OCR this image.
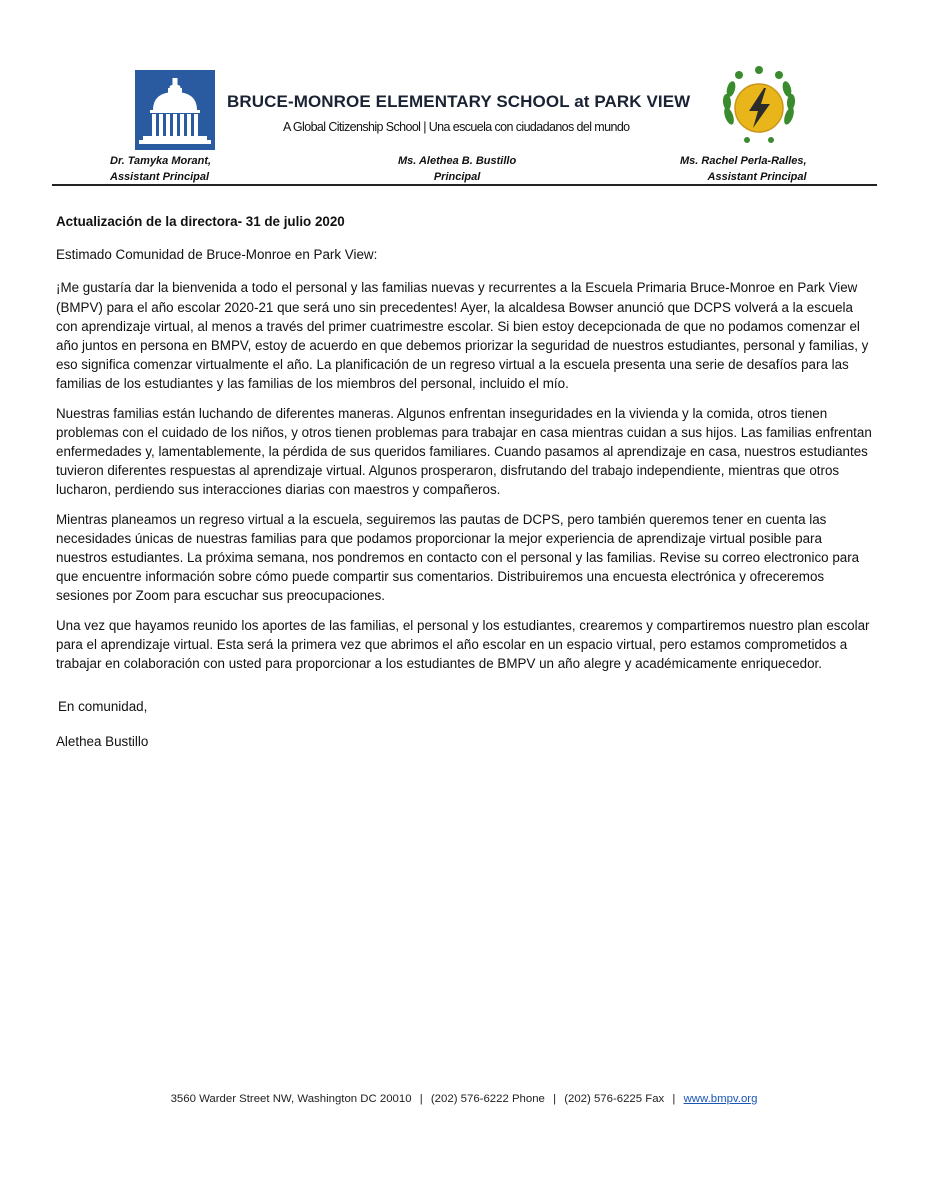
BRUCE-MONROE ELEMENTARY SCHOOL at PARK VIEW
A Global Citizenship School | Una escuela con ciudadanos del mundo
Dr. Tamyka Morant,
Assistant Principal
Ms. Alethea B. Bustillo
Principal
Ms. Rachel Perla-Ralles,
Assistant Principal
Actualización de la directora- 31 de julio 2020
Estimado Comunidad de Bruce-Monroe en Park View:

¡Me gustaría dar la bienvenida a todo el personal y las familias nuevas y recurrentes a la Escuela Primaria Bruce-Monroe en Park View (BMPV) para el año escolar 2020-21 que será uno sin precedentes! Ayer, la alcaldesa Bowser anunció que DCPS volverá a la escuela con aprendizaje virtual, al menos a través del primer cuatrimestre escolar. Si bien estoy decepcionada de que no podamos comenzar el año juntos en persona en BMPV, estoy de acuerdo en que debemos priorizar la seguridad de nuestros estudiantes, personal y familias, y eso significa comenzar virtualmente el año. La planificación de un regreso virtual a la escuela presenta una serie de desafíos para las familias de los estudiantes y las familias de los miembros del personal, incluido el mío.

Nuestras familias están luchando de diferentes maneras. Algunos enfrentan inseguridades en la vivienda y la comida, otros tienen problemas con el cuidado de los niños, y otros tienen problemas para trabajar en casa mientras cuidan a sus hijos. Las familias enfrentan enfermedades y, lamentablemente, la pérdida de sus queridos familiares. Cuando pasamos al aprendizaje en casa, nuestros estudiantes tuvieron diferentes respuestas al aprendizaje virtual. Algunos prosperaron, disfrutando del trabajo independiente, mientras que otros lucharon, perdiendo sus interacciones diarias con maestros y compañeros.

Mientras planeamos un regreso virtual a la escuela, seguiremos las pautas de DCPS, pero también queremos tener en cuenta las necesidades únicas de nuestras familias para que podamos proporcionar la mejor experiencia de aprendizaje virtual posible para nuestros estudiantes. La próxima semana, nos pondremos en contacto con el personal y las familias. Revise su correo electronico para que encuentre información sobre cómo puede compartir sus comentarios. Distribuiremos una encuesta electrónica y ofreceremos sesiones por Zoom para escuchar sus preocupaciones.

Una vez que hayamos reunido los aportes de las familias, el personal y los estudiantes, crearemos y compartiremos nuestro plan escolar para el aprendizaje virtual. Esta será la primera vez que abrimos el año escolar en un espacio virtual, pero estamos comprometidos a trabajar en colaboración con usted para proporcionar a los estudiantes de BMPV un año alegre y académicamente enriquecedor.

En comunidad,
Alethea Bustillo
3560 Warder Street NW, Washington DC 20010 | (202) 576-6222 Phone | (202) 576-6225 Fax | www.bmpv.org
